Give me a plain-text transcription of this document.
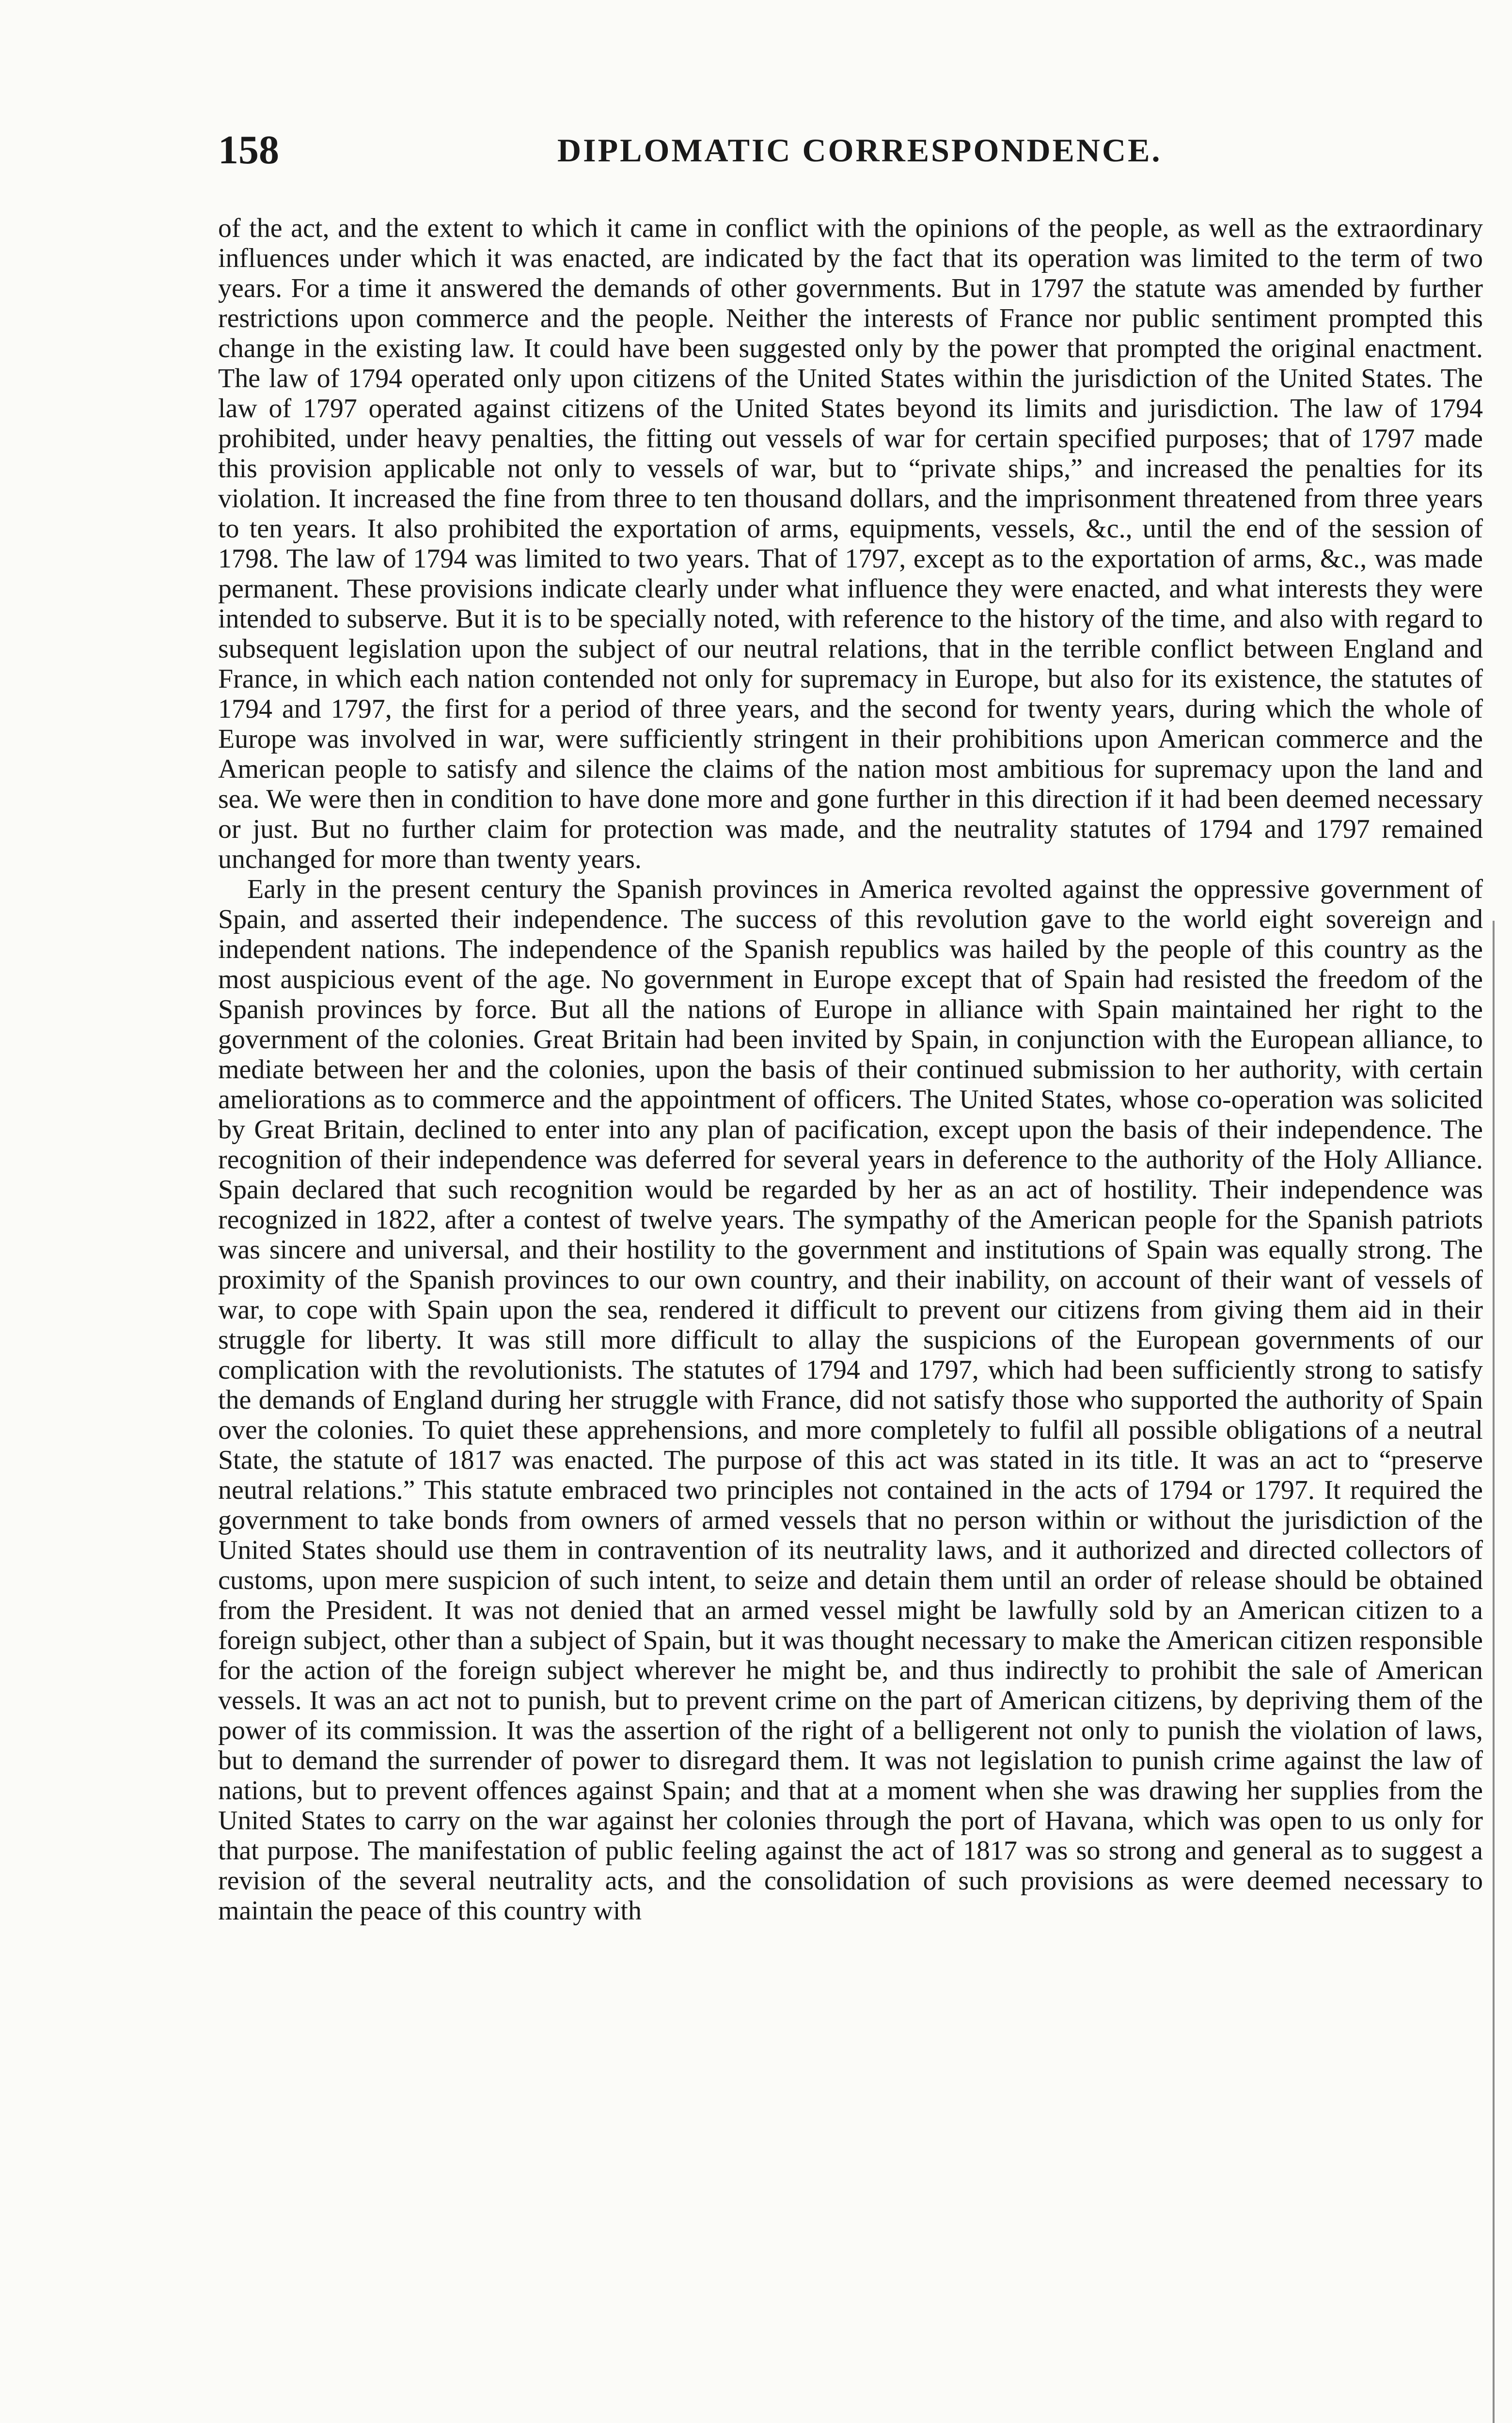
158	DIPLOMATIC CORRESPONDENCE.

of the act, and the extent to which it came in conflict with the opinions of the people, as well as the extraordinary influences under which it was enacted, are indicated by the fact that its operation was limited to the term of two years. For a time it answered the demands of other governments. But in 1797 the statute was amended by further restrictions upon commerce and the people. Neither the interests of France nor public sentiment prompted this change in the existing law. It could have been suggested only by the power that prompted the original enactment. The law of 1794 operated only upon citizens of the United States within the jurisdiction of the United States. The law of 1797 operated against citizens of the United States beyond its limits and jurisdiction. The law of 1794 prohibited, under heavy penalties, the fitting out vessels of war for certain specified purposes; that of 1797 made this provision applicable not only to vessels of war, but to “private ships,” and increased the penalties for its violation. It increased the fine from three to ten thousand dollars, and the imprisonment threatened from three years to ten years. It also prohibited the exportation of arms, equipments, vessels, &c., until the end of the session of 1798. The law of 1794 was limited to two years. That of 1797, except as to the exportation of arms, &c., was made permanent. These provisions indicate clearly under what influence they were enacted, and what interests they were intended to subserve. But it is to be specially noted, with reference to the history of the time, and also with regard to subsequent legislation upon the subject of our neutral relations, that in the terrible conflict between England and France, in which each nation contended not only for supremacy in Europe, but also for its existence, the statutes of 1794 and 1797, the first for a period of three years, and the second for twenty years, during which the whole of Europe was involved in war, were sufficiently stringent in their prohibitions upon American commerce and the American people to satisfy and silence the claims of the nation most ambitious for supremacy upon the land and sea. We were then in condition to have done more and gone further in this direction if it had been deemed necessary or just. But no further claim for protection was made, and the neutrality statutes of 1794 and 1797 remained unchanged for more than twenty years.

Early in the present century the Spanish provinces in America revolted against the oppressive government of Spain, and asserted their independence. The success of this revolution gave to the world eight sovereign and independent nations. The independence of the Spanish republics was hailed by the people of this country as the most auspicious event of the age. No government in Europe except that of Spain had resisted the freedom of the Spanish provinces by force. But all the nations of Europe in alliance with Spain maintained her right to the government of the colonies. Great Britain had been invited by Spain, in conjunction with the European alliance, to mediate between her and the colonies, upon the basis of their continued submission to her authority, with certain ameliorations as to commerce and the appointment of officers. The United States, whose co-operation was solicited by Great Britain, declined to enter into any plan of pacification, except upon the basis of their independence. The recognition of their independence was deferred for several years in deference to the authority of the Holy Alliance. Spain declared that such recognition would be regarded by her as an act of hostility. Their independence was recognized in 1822, after a contest of twelve years. The sympathy of the American people for the Spanish patriots was sincere and universal, and their hostility to the government and institutions of Spain was equally strong. The proximity of the Spanish provinces to our own country, and their inability, on account of their want of vessels of war, to cope with Spain upon the sea, rendered it difficult to prevent our citizens from giving them aid in their struggle for liberty. It was still more difficult to allay the suspicions of the European governments of our complication with the revolutionists. The statutes of 1794 and 1797, which had been sufficiently strong to satisfy the demands of England during her struggle with France, did not satisfy those who supported the authority of Spain over the colonies. To quiet these apprehensions, and more completely to fulfil all possible obligations of a neutral State, the statute of 1817 was enacted. The purpose of this act was stated in its title. It was an act to “preserve neutral relations.” This statute embraced two principles not contained in the acts of 1794 or 1797. It required the government to take bonds from owners of armed vessels that no person within or without the jurisdiction of the United States should use them in contravention of its neutrality laws, and it authorized and directed collectors of customs, upon mere suspicion of such intent, to seize and detain them until an order of release should be obtained from the President. It was not denied that an armed vessel might be lawfully sold by an American citizen to a foreign subject, other than a subject of Spain, but it was thought necessary to make the American citizen responsible for the action of the foreign subject wherever he might be, and thus indirectly to prohibit the sale of American vessels. It was an act not to punish, but to prevent crime on the part of American citizens, by depriving them of the power of its commission. It was the assertion of the right of a belligerent not only to punish the violation of laws, but to demand the surrender of power to disregard them. It was not legislation to punish crime against the law of nations, but to prevent offences against Spain; and that at a moment when she was drawing her supplies from the United States to carry on the war against her colonies through the port of Havana, which was open to us only for that purpose. The manifestation of public feeling against the act of 1817 was so strong and general as to suggest a revision of the several neutrality acts, and the consolidation of such provisions as were deemed necessary to maintain the peace of this country with
